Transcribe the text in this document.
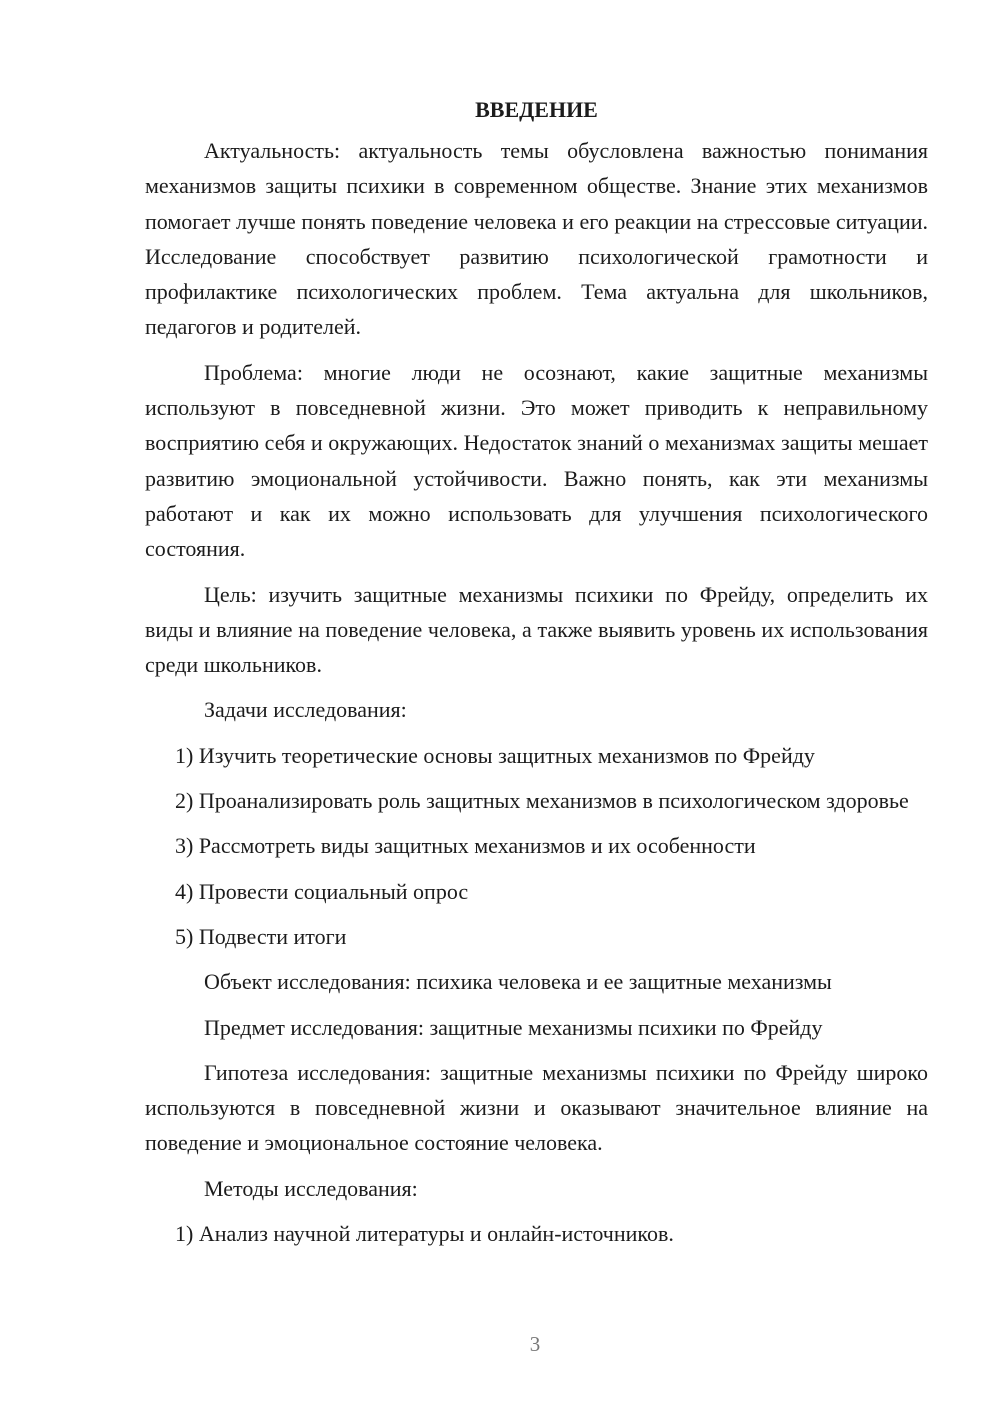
ВВЕДЕНИЕ

Актуальность: актуальность темы обусловлена важностью понимания механизмов защиты психики в современном обществе. Знание этих механизмов помогает лучше понять поведение человека и его реакции на стрессовые ситуации. Исследование способствует развитию психологической грамотности и профилактике психологических проблем. Тема актуальна для школьников, педагогов и родителей.

Проблема: многие люди не осознают, какие защитные механизмы используют в повседневной жизни. Это может приводить к неправильному восприятию себя и окружающих. Недостаток знаний о механизмах защиты мешает развитию эмоциональной устойчивости. Важно понять, как эти механизмы работают и как их можно использовать для улучшения психологического состояния.

Цель: изучить защитные механизмы психики по Фрейду, определить их виды и влияние на поведение человека, а также выявить уровень их использования среди школьников.

Задачи исследования:

1) Изучить теоретические основы защитных механизмов по Фрейду

2) Проанализировать роль защитных механизмов в психологическом здоровье

3) Рассмотреть виды защитных механизмов и их особенности

4) Провести социальный опрос

5) Подвести итоги

Объект исследования: психика человека и ее защитные механизмы

Предмет исследования: защитные механизмы психики по Фрейду

Гипотеза исследования: защитные механизмы психики по Фрейду широко используются в повседневной жизни и оказывают значительное влияние на поведение и эмоциональное состояние человека.

Методы исследования:

1) Анализ научной литературы и онлайн-источников.

3
